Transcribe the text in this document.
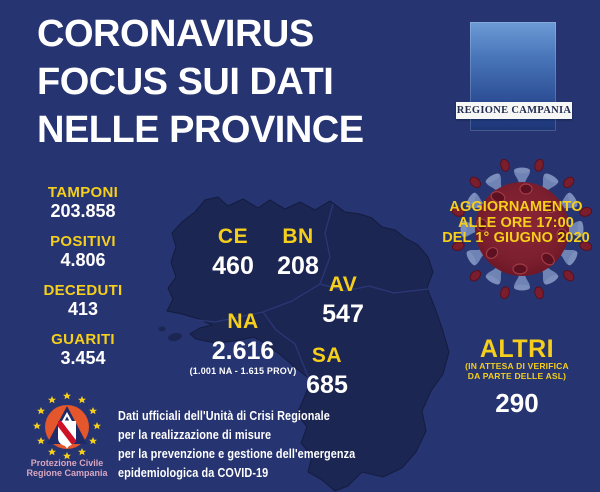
CORONAVIRUS
FOCUS SUI DATI
NELLE PROVINCE	REGIONE CAMPANIA
TAMPONI
203.858
POSITIVI
4.806
DECEDUTI
413
GUARITI
3.454
CE
460
BN
208
AV
547
NA
2.616
(1.001 NA - 1.615 PROV)
SA
685
AGGIORNAMENTO
ALLE ORE 17:00
DEL 1° GIUGNO 2020
ALTRI
(IN ATTESA DI VERIFICA
DA PARTE DELLE ASL)
290
Dati ufficiali dell'Unità di Crisi Regionale
per la realizzazione di misure
per la prevenzione e gestione dell'emergenza
epidemiologica da COVID-19
Protezione Civile
Regione Campania
